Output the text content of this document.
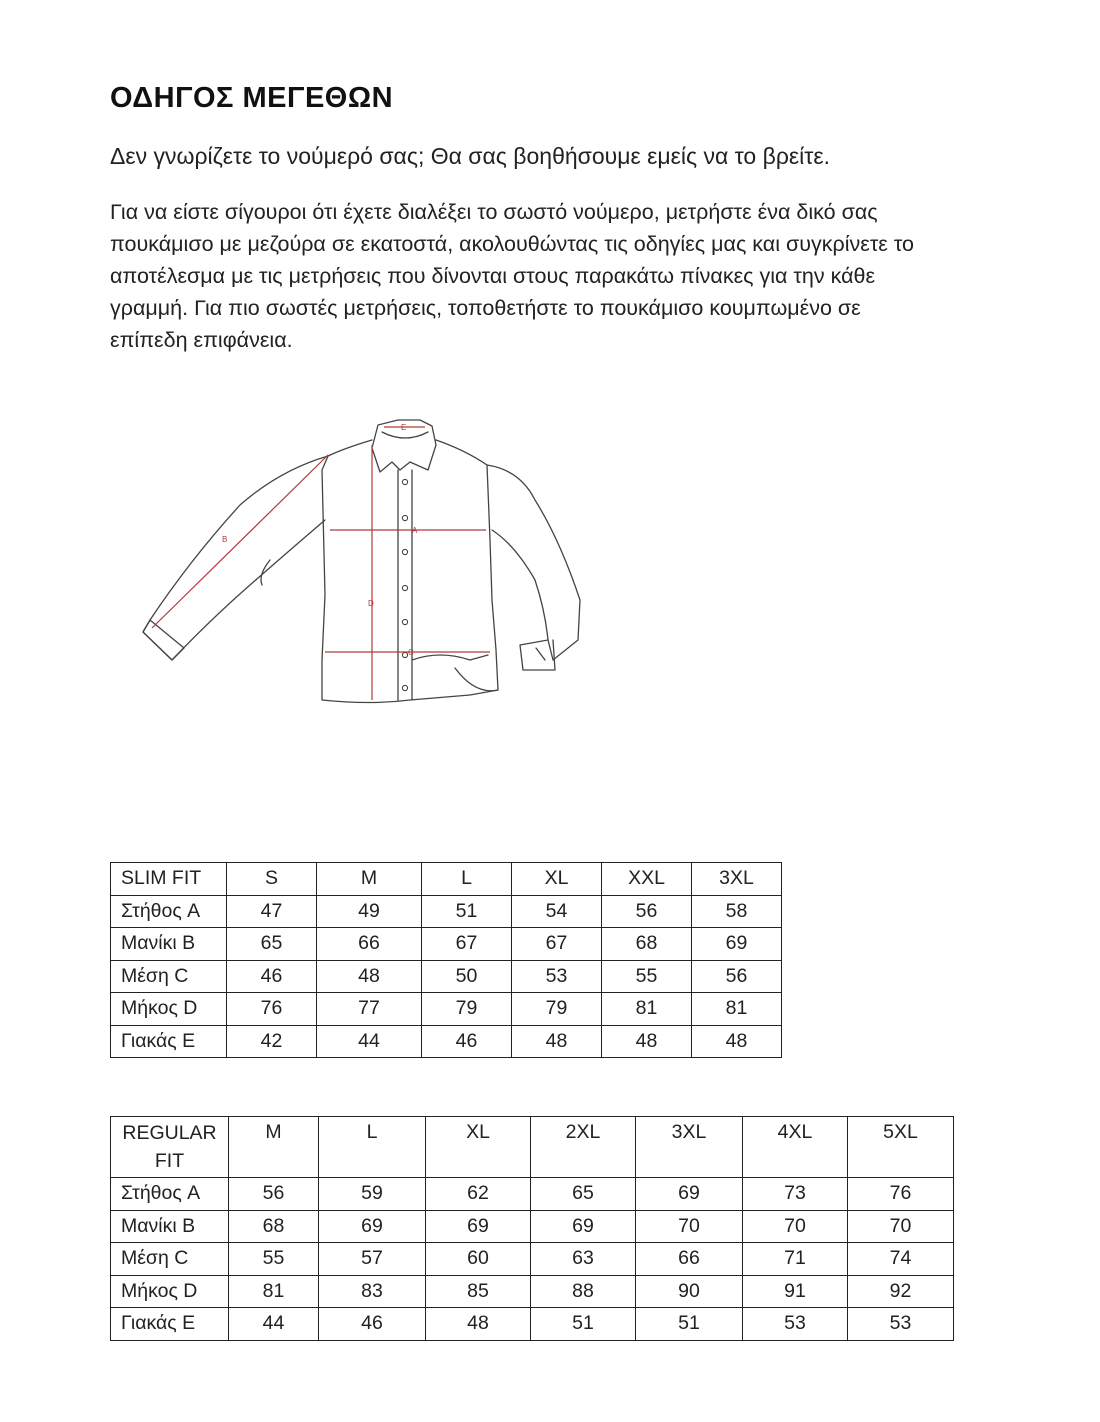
ΟΔΗΓΟΣ ΜΕΓΕΘΩΝ
Δεν γνωρίζετε το νούμερό σας; Θα σας βοηθήσουμε εμείς να το βρείτε.
Για να είστε σίγουροι ότι έχετε διαλέξει το σωστό νούμερο, μετρήστε ένα δικό σας
πουκάμισο με μεζούρα σε εκατοστά, ακολουθώντας τις οδηγίες μας και συγκρίνετε το
αποτέλεσμα με τις μετρήσεις που δίνονται στους παρακάτω πίνακες για την κάθε
γραμμή. Για πιο σωστές μετρήσεις, τοποθετήστε το πουκάμισο κουμπωμένο σε
επίπεδη επιφάνεια.
E
A
C
D
B
SLIM FIT	S	M	L	XL	XXL	3XL
Στήθος A	47	49	51	54	56	58
Μανίκι B	65	66	67	67	68	69
Μέση C	46	48	50	53	55	56
Μήκος D	76	77	79	79	81	81
Γιακάς E	42	44	46	48	48	48
REGULAR
FIT	M	L	XL	2XL	3XL	4XL	5XL
Στήθος A	56	59	62	65	69	73	76
Μανίκι B	68	69	69	69	70	70	70
Μέση C	55	57	60	63	66	71	74
Μήκος D	81	83	85	88	90	91	92
Γιακάς E	44	46	48	51	51	53	53
